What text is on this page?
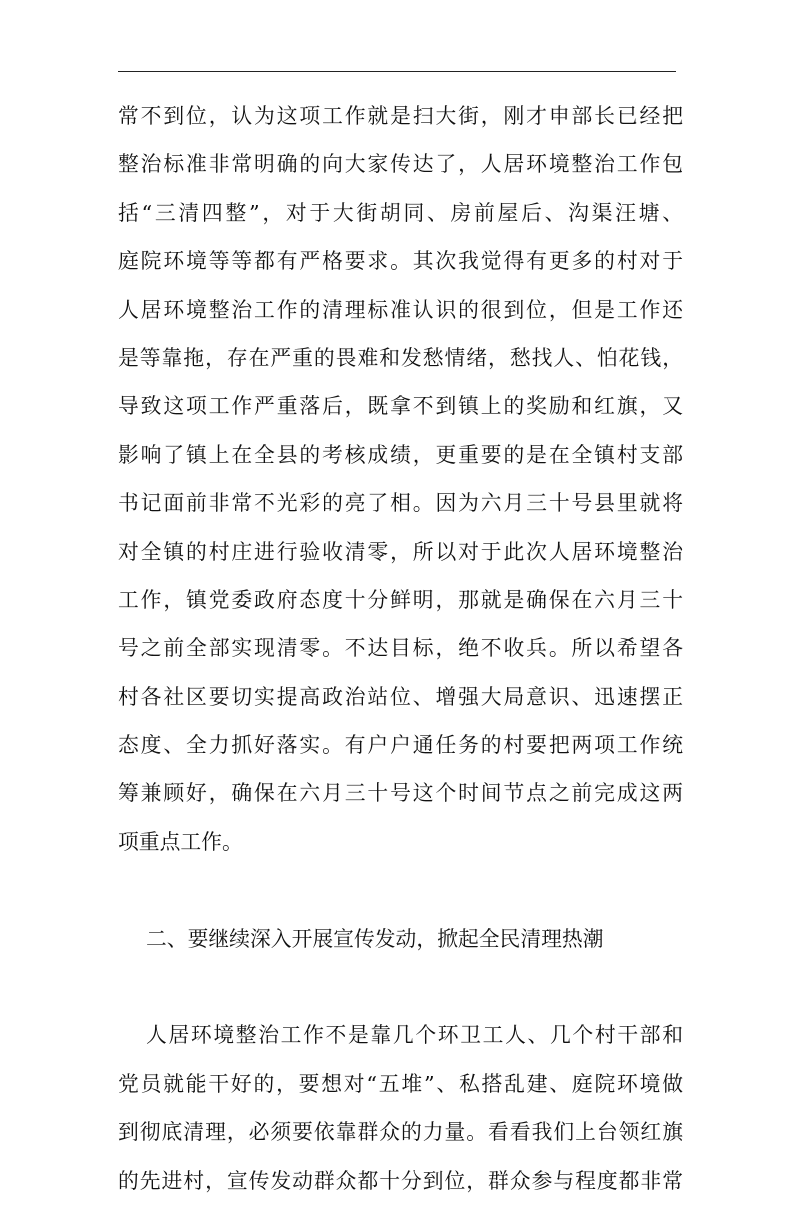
常不到位，认为这项工作就是扫大街，刚才申部长已经把
整治标准非常明确的向大家传达了，人居环境整治工作包
括“三清四整”，对于大街胡同、房前屋后、沟渠汪塘、
庭院环境等等都有严格要求。其次我觉得有更多的村对于
人居环境整治工作的清理标准认识的很到位，但是工作还
是等靠拖，存在严重的畏难和发愁情绪，愁找人、怕花钱，
导致这项工作严重落后，既拿不到镇上的奖励和红旗，又
影响了镇上在全县的考核成绩，更重要的是在全镇村支部
书记面前非常不光彩的亮了相。因为六月三十号县里就将
对全镇的村庄进行验收清零，所以对于此次人居环境整治
工作，镇党委政府态度十分鲜明，那就是确保在六月三十
号之前全部实现清零。不达目标，绝不收兵。所以希望各
村各社区要切实提高政治站位、增强大局意识、迅速摆正
态度、全力抓好落实。有户户通任务的村要把两项工作统
筹兼顾好，确保在六月三十号这个时间节点之前完成这两
项重点工作。
二、要继续深入开展宣传发动，掀起全民清理热潮
人居环境整治工作不是靠几个环卫工人、几个村干部和
党员就能干好的，要想对“五堆”、私搭乱建、庭院环境做
到彻底清理，必须要依靠群众的力量。看看我们上台领红旗
的先进村，宣传发动群众都十分到位，群众参与程度都非常
